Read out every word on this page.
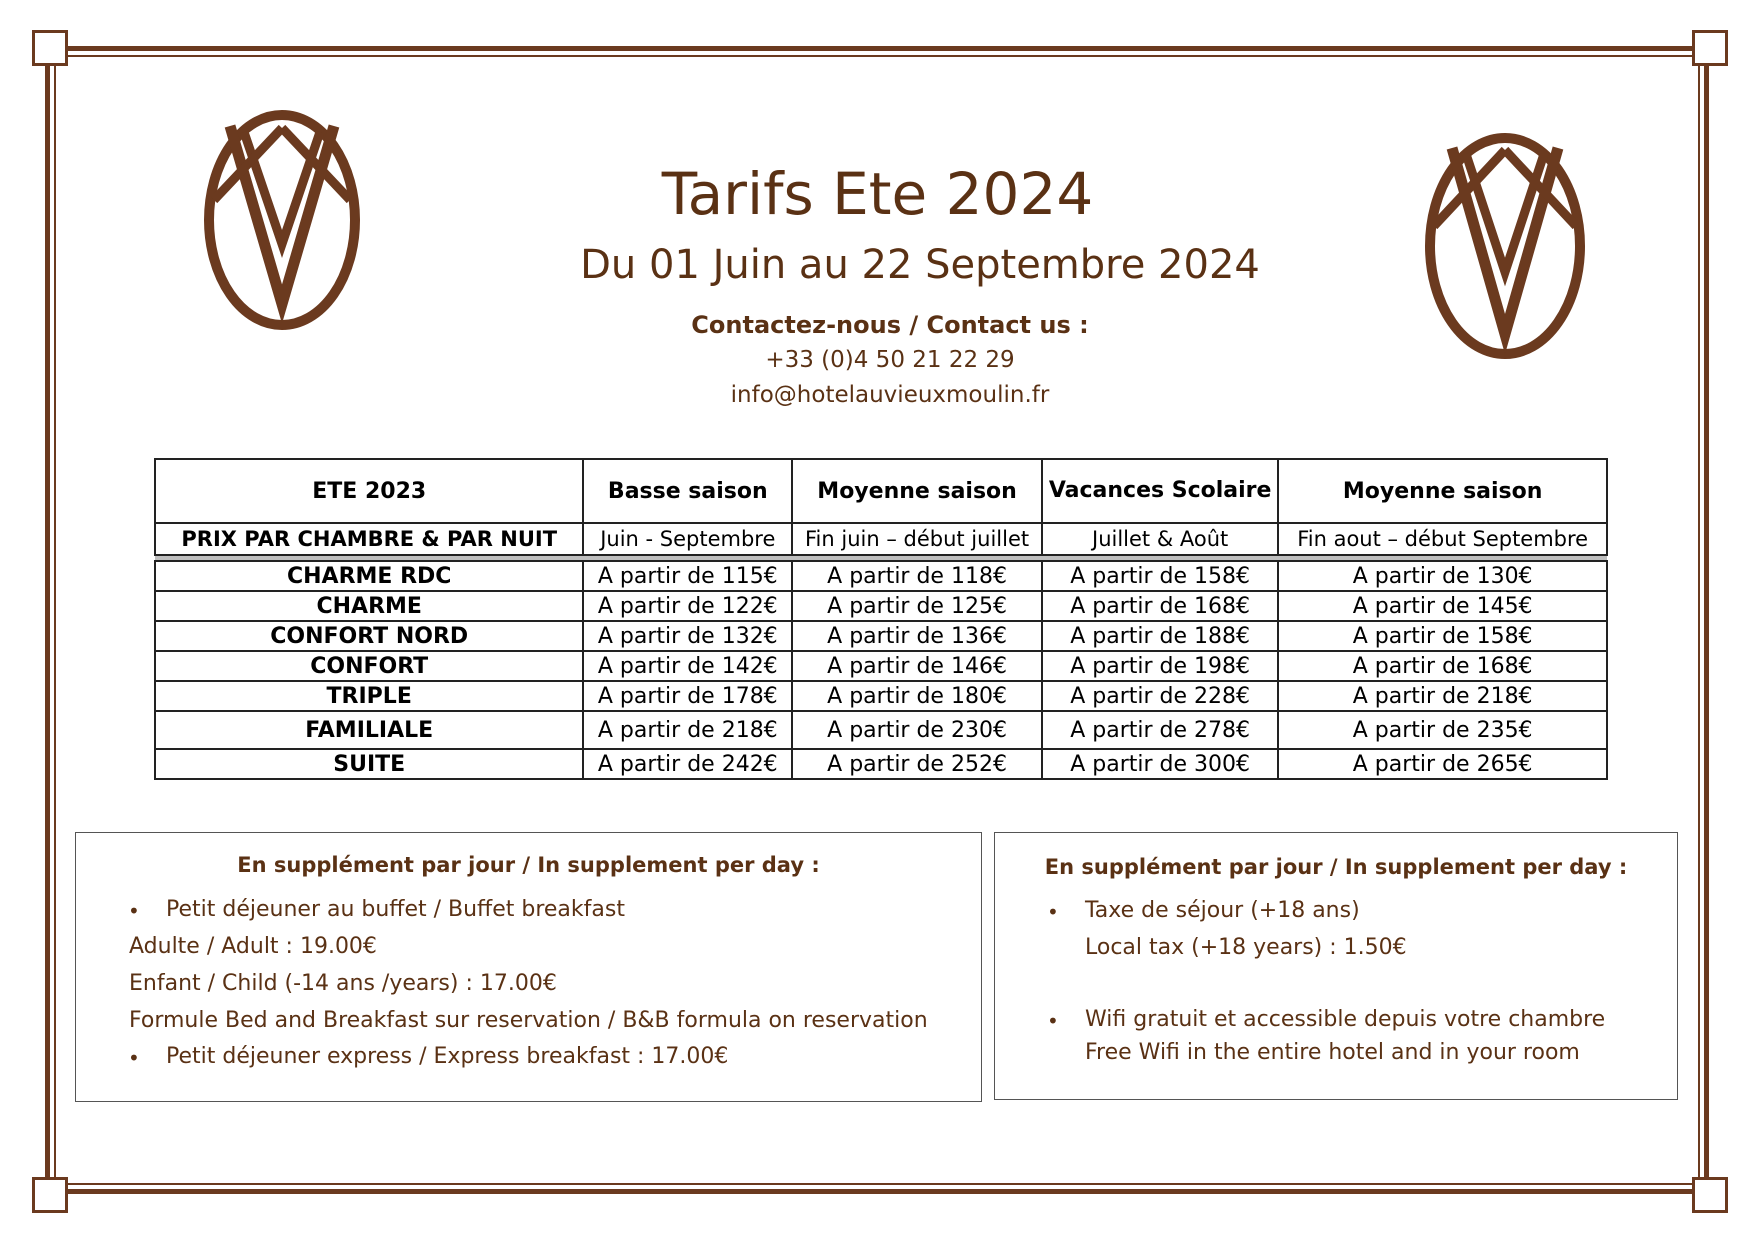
Tarifs Ete 2024
Du 01 Juin au 22 Septembre 2024
Contactez-nous / Contact us :
+33 (0)4 50 21 22 29
info@hotelauvieuxmoulin.fr
ETE 2023	Basse saison	Moyenne saison	Vacances Scolaire	Moyenne saison
PRIX PAR CHAMBRE & PAR NUIT	Juin - Septembre	Fin juin – début juillet	Juillet & Août	Fin aout – début Septembre

CHARME RDC	A partir de 115€	A partir de 118€	A partir de 158€	A partir de 130€
CHARME	A partir de 122€	A partir de 125€	A partir de 168€	A partir de 145€
CONFORT NORD	A partir de 132€	A partir de 136€	A partir de 188€	A partir de 158€
CONFORT	A partir de 142€	A partir de 146€	A partir de 198€	A partir de 168€
TRIPLE	A partir de 178€	A partir de 180€	A partir de 228€	A partir de 218€
FAMILIALE	A partir de 218€	A partir de 230€	A partir de 278€	A partir de 235€
SUITE	A partir de 242€	A partir de 252€	A partir de 300€	A partir de 265€
En supplément par jour / In supplement per day :
• Petit déjeuner au buffet / Buffet breakfast
Adulte / Adult : 19.00€
Enfant / Child (-14 ans /years) : 17.00€
Formule Bed and Breakfast sur reservation / B&B formula on reservation
• Petit déjeuner express / Express breakfast : 17.00€
En supplément par jour / In supplement per day :
• Taxe de séjour (+18 ans)
Local tax (+18 years) : 1.50€
• Wifi gratuit et accessible depuis votre chambre
Free Wifi in the entire hotel and in your room
